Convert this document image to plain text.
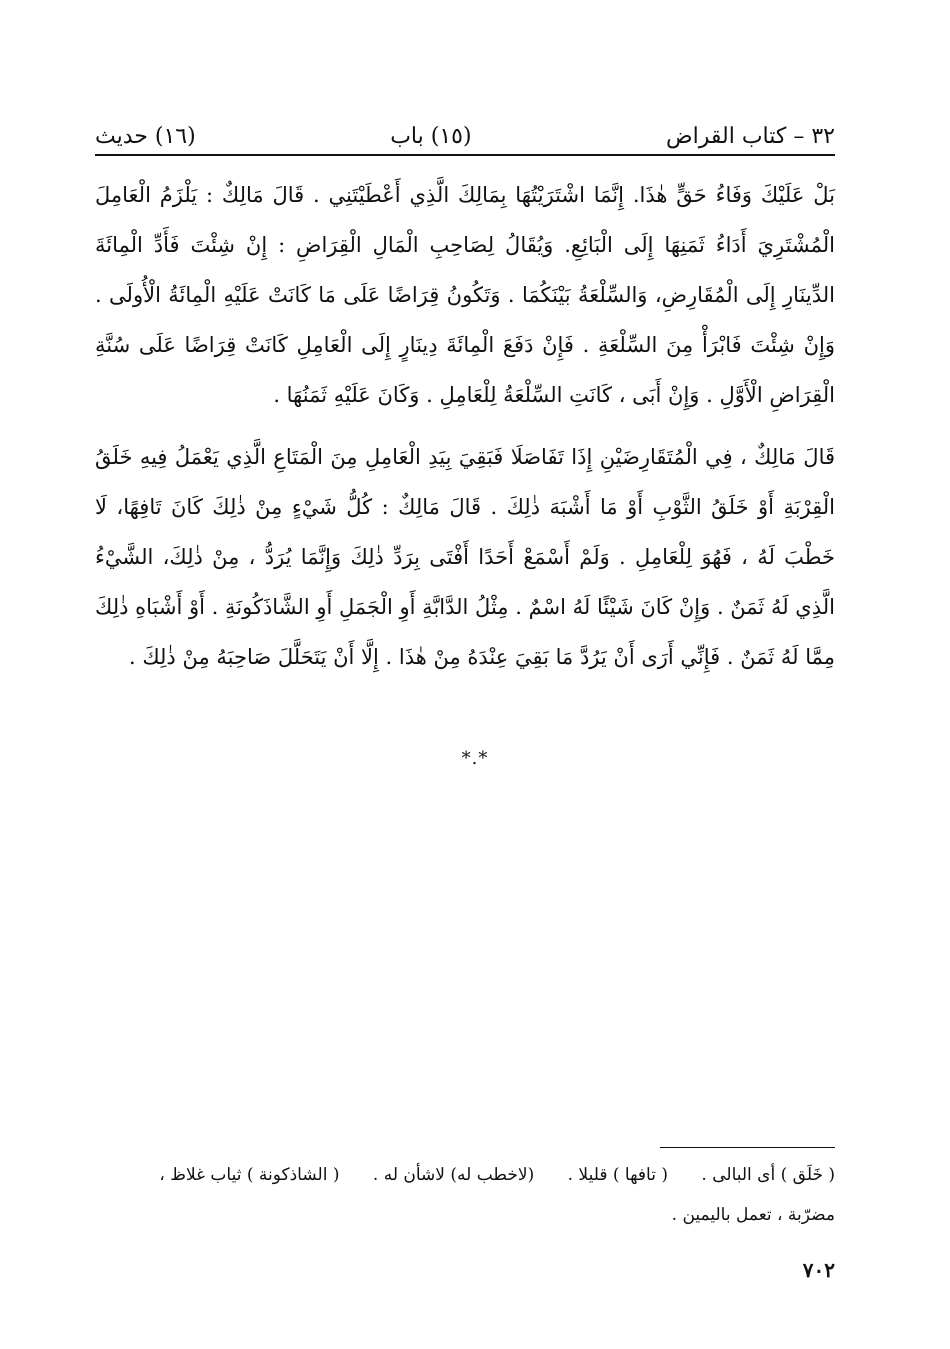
(١٦) حديث	(١٥) باب	٣٢ – كتاب القراض

بَلْ عَلَيْكَ وَفَاءُ حَقٍّ هٰذَا. إِنَّمَا اشْتَرَيْتُهَا بِمَالِكَ الَّذِي أَعْطَيْتَنِي . قَالَ مَالِكٌ : يَلْزَمُ الْعَامِلَ الْمُشْتَرِيَ أَدَاءُ ثَمَنِهَا إِلَى الْبَائِعِ. وَيُقَالُ لِصَاحِبِ الْمَالِ الْقِرَاضِ : إِنْ شِئْتَ فَأَدِّ الْمِائَةَ الدِّينَارِ إِلَى الْمُقَارِضِ، وَالسِّلْعَةُ بَيْنَكُمَا . وَتَكُونُ قِرَاضًا عَلَى مَا كَانَتْ عَلَيْهِ الْمِائَةُ الْأُولَى . وَإِنْ شِئْتَ فَابْرَأْ مِنَ السِّلْعَةِ . فَإِنْ دَفَعَ الْمِائَةَ دِينَارٍ إِلَى الْعَامِلِ كَانَتْ قِرَاضًا عَلَى سُنَّةِ الْقِرَاضِ الْأَوَّلِ . وَإِنْ أَبَى ، كَانَتِ السِّلْعَةُ لِلْعَامِلِ . وَكَانَ عَلَيْهِ ثَمَنُهَا .

قَالَ مَالِكٌ ، فِي الْمُتَقَارِضَيْنِ إِذَا تَفَاصَلَا فَبَقِيَ بِيَدِ الْعَامِلِ مِنَ الْمَتَاعِ الَّذِي يَعْمَلُ فِيهِ خَلَقُ الْقِرْبَةِ أَوْ خَلَقُ الثَّوْبِ أَوْ مَا أَشْبَهَ ذٰلِكَ . قَالَ مَالِكٌ : كُلُّ شَيْءٍ مِنْ ذٰلِكَ كَانَ تَافِهًا، لَا خَطْبَ لَهُ ، فَهُوَ لِلْعَامِلِ . وَلَمْ أَسْمَعْ أَحَدًا أَفْتَى بِرَدِّ ذٰلِكَ وَإِنَّمَا يُرَدُّ ، مِنْ ذٰلِكَ، الشَّيْءُ الَّذِي لَهُ ثَمَنٌ . وَإِنْ كَانَ شَيْئًا لَهُ اسْمٌ . مِثْلُ الدَّابَّةِ أَوِ الْجَمَلِ أَوِ الشَّاذَكُونَةِ . أَوْ أَشْبَاهِ ذٰلِكَ مِمَّا لَهُ ثَمَنٌ . فَإِنِّي أَرَى أَنْ يَرُدَّ مَا بَقِيَ عِنْدَهُ مِنْ هٰذَا . إِلَّا أَنْ يَتَحَلَّلَ صَاحِبَهُ مِنْ ذٰلِكَ .

*.*
( خَلَق ) أى البالى . ( تافها ) قليلا . (لاخطب له) لاشأن له . ( الشاذكونة ) ثياب غلاظ ،
مضرّبة ، تعمل باليمين .
٧٠٢
